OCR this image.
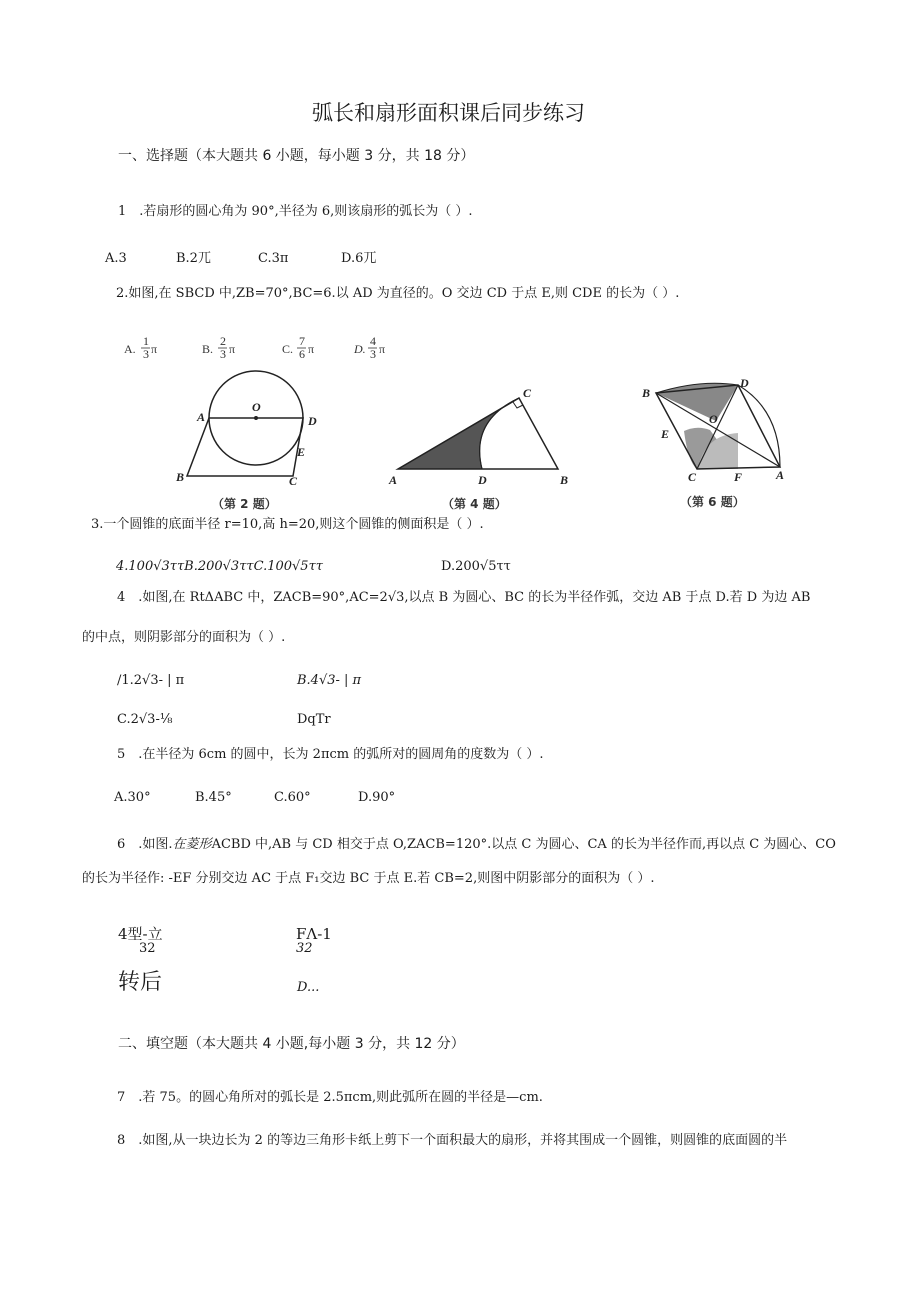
弧长和扇形面积课后同步练习
一、选择题（本大题共 6 小题，每小题 3 分，共 18 分）
1　.若扇形的圆心角为 90°,半径为 6,则该扇形的弧长为（ ）.
A.3	B.2兀	C.3π	D.6兀
2.如图,在 SBCD 中,ZB=70°,BC=6.以 AD 为直径的。O 交边 CD 于点 E,则 CDE 的长为（ ）.
A.
1
3 π	B.
2
3 π	C.
7
6 π	D.
4
3 π
A
O
D
E
B	C
（第 2 题）
A	D	B
C
（第 4 题）
B
D
O
E
C	F	A
（第 6 题）
3.一个圆锥的底面半径 r=10,高 h=20,则这个圆锥的侧面积是（ ）.
4.100√3ττB.200√3ττC.100√5ττ	D.200√5ττ
4　.如图,在 RtΔABC 中，ZACB=90°,AC=2√3,以点 B 为圆心、BC 的长为半径作弧，交边 AB 于点 D.若 D 为边 AB
的中点，则阴影部分的面积为（ ）.
/1.2√3- | π	B.4√3- | π
C.2√3-⅛	DqTr
5　.在半径为 6cm 的圆中，长为 2πcm 的弧所对的圆周角的度数为（ ）.
A.30°	B.45°	C.60°	D.90°
6　.如图.在菱形ACBD 中,AB 与 CD 相交于点 O,ZACB=120°.以点 C 为圆心、CA 的长为半径作而,再以点 C 为圆心、CO
的长为半径作: -EF 分别交边 AC 于点 F₁交边 BC 于点 E.若 CB=2,则图中阴影部分的面积为（ ）.
4型-立
32
FΛ-1
32
转后	D...
二、填空题（本大题共 4 小题,每小题 3 分，共 12 分）
7　.若 75。的圆心角所对的弧长是 2.5πcm,则此弧所在圆的半径是—cm.
8　.如图,从一块边长为 2 的等边三角形卡纸上剪下一个面积最大的扇形，并将其围成一个圆锥，则圆锥的底面圆的半
